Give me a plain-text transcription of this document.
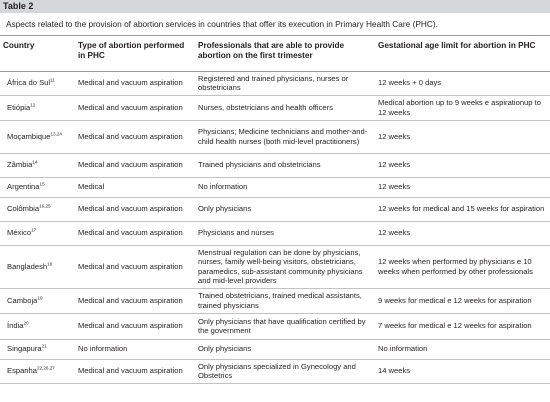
Table 2
Aspects related to the provision of abortion services in countries that offer its execution in Primary Health Care (PHC).
Country	Type of abortion performed in PHC	Professionals that are able to provide abortion on the first trimester	Gestational age limit for abortion in PHC
África do Sul$^{11}$	Medical and vacuum aspiration	Registered and trained physicians, nurses or obstetricians	12 weeks + 0 days
Etiópia$^{12}$	Medical and vacuum aspiration	Nurses, obstetricians and health officers	Medical abortion up to 9 weeks e aspirationup to 12 weeks
Moçambique$^{13,24}$	Medical and vacuum aspiration	Physicians; Medicine technicians and mother-and-child health nurses (both mid-level practitioners)	12 weeks
Zâmbia$^{14}$	Medical and vacuum aspiration	Trained physicians and obstetricians	12 weeks
Argentina$^{15}$	Medical	No information	12 weeks
Colômbia$^{16,25}$	Medical and vacuum aspiration	Only physicians	12 weeks for medical and 15 weeks for aspiration
México$^{17}$	Medical and vacuum aspiration	Physicians and nurses	12 weeks
Bangladesh$^{18}$	Medical and vacuum aspiration	Menstrual regulation can be done by physicians, nurses, family well-being visitors, obstetricians, paramedics, sub-assistant community physicians and mid-level providers	12 weeks when performed by physicians e 10 weeks when performed by other professionals
Camboja$^{19}$	Medical and vacuum aspiration	Trained obstetricians, trained medical assistants, trained physicians	9 weeks for medical e 12 weeks for aspiration
Índia$^{20}$	Medical and vacuum aspiration	Only physicians that have qualification certified by the government	7 weeks for medical e 12 weeks for aspiration
Singapura$^{21}$	No information	Only physicians	No information
Espanha$^{22,26,27}$	Medical and vacuum aspiration	Only physicians specialized in Gynecology and Obstetrics	14 weeks
